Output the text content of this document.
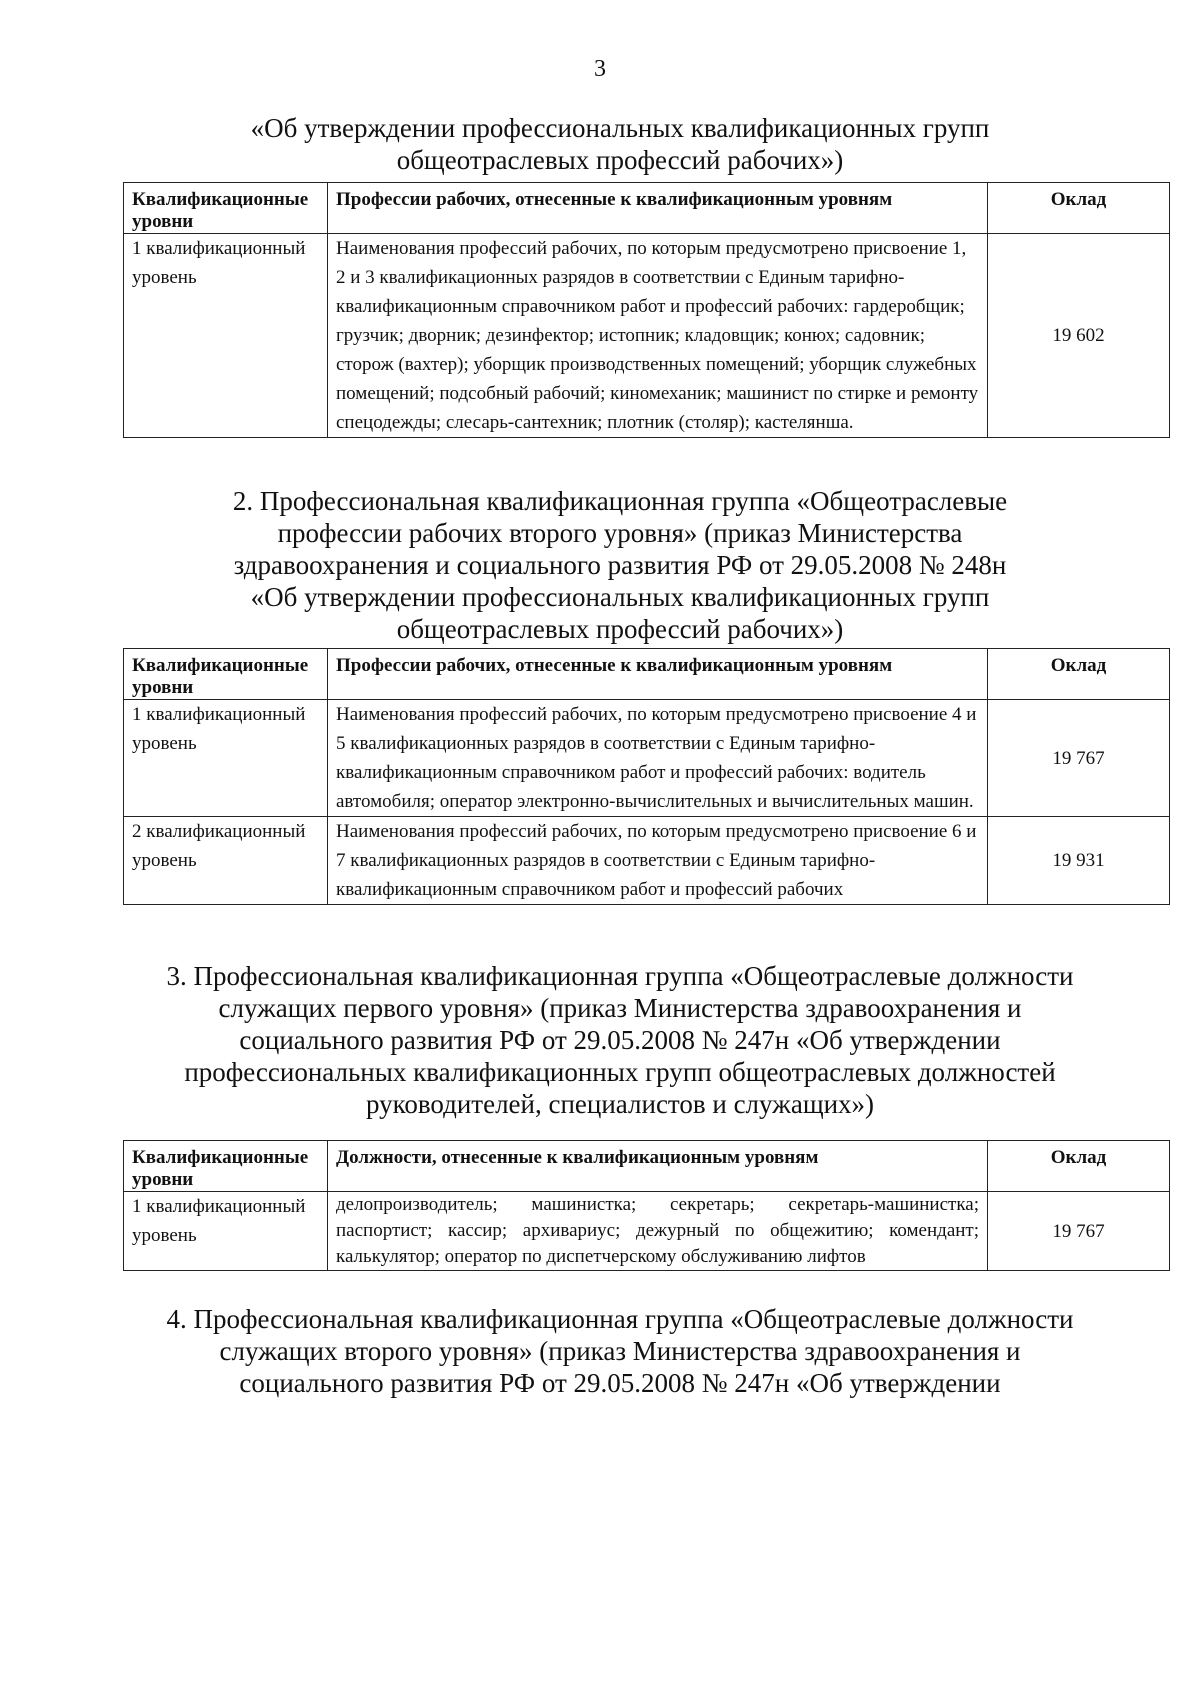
3
«Об утверждении профессиональных квалификационных групп
общеотраслевых профессий рабочих»)
Квалификационные уровни	Профессии рабочих, отнесенные к квалификационным уровням	Оклад
1 квалификационный уровень	Наименования профессий рабочих, по которым предусмотрено присвоение 1, 2 и 3 квалификационных разрядов в соответствии с Единым тарифно-квалификационным справочником работ и профессий рабочих: гардеробщик; грузчик; дворник; дезинфектор; истопник; кладовщик; конюх; садовник; сторож (вахтер); уборщик производственных помещений; уборщик служебных помещений; подсобный рабочий; киномеханик; машинист по стирке и ремонту спецодежды; слесарь-сантехник; плотник (столяр); кастелянша.	19 602
2. Профессиональная квалификационная группа «Общеотраслевые
профессии рабочих второго уровня» (приказ Министерства
здравоохранения и социального развития РФ от 29.05.2008 № 248н
«Об утверждении профессиональных квалификационных групп
общеотраслевых профессий рабочих»)
Квалификационные уровни	Профессии рабочих, отнесенные к квалификационным уровням	Оклад
1 квалификационный уровень	Наименования профессий рабочих, по которым предусмотрено присвоение 4 и 5 квалификационных разрядов в соответствии с Единым тарифно-квалификационным справочником работ и профессий рабочих: водитель автомобиля; оператор электронно-вычислительных и вычислительных машин.	19 767
2 квалификационный уровень	Наименования профессий рабочих, по которым предусмотрено присвоение 6 и 7 квалификационных разрядов в соответствии с Единым тарифно-квалификационным справочником работ и профессий рабочих	19 931
3. Профессиональная квалификационная группа «Общеотраслевые должности
служащих первого уровня» (приказ Министерства здравоохранения и
социального развития РФ от 29.05.2008 № 247н «Об утверждении
профессиональных квалификационных групп общеотраслевых должностей
руководителей, специалистов и служащих»)
Квалификационные уровни	Должности, отнесенные к квалификационным уровням	Оклад
1 квалификационный уровень	делопроизводитель; машинистка; секретарь; секретарь-машинистка; паспортист; кассир; архивариус; дежурный по общежитию; комендант; калькулятор; оператор по диспетчерскому обслуживанию лифтов	19 767
4. Профессиональная квалификационная группа «Общеотраслевые должности
служащих второго уровня» (приказ Министерства здравоохранения и
социального развития РФ от 29.05.2008 № 247н «Об утверждении
